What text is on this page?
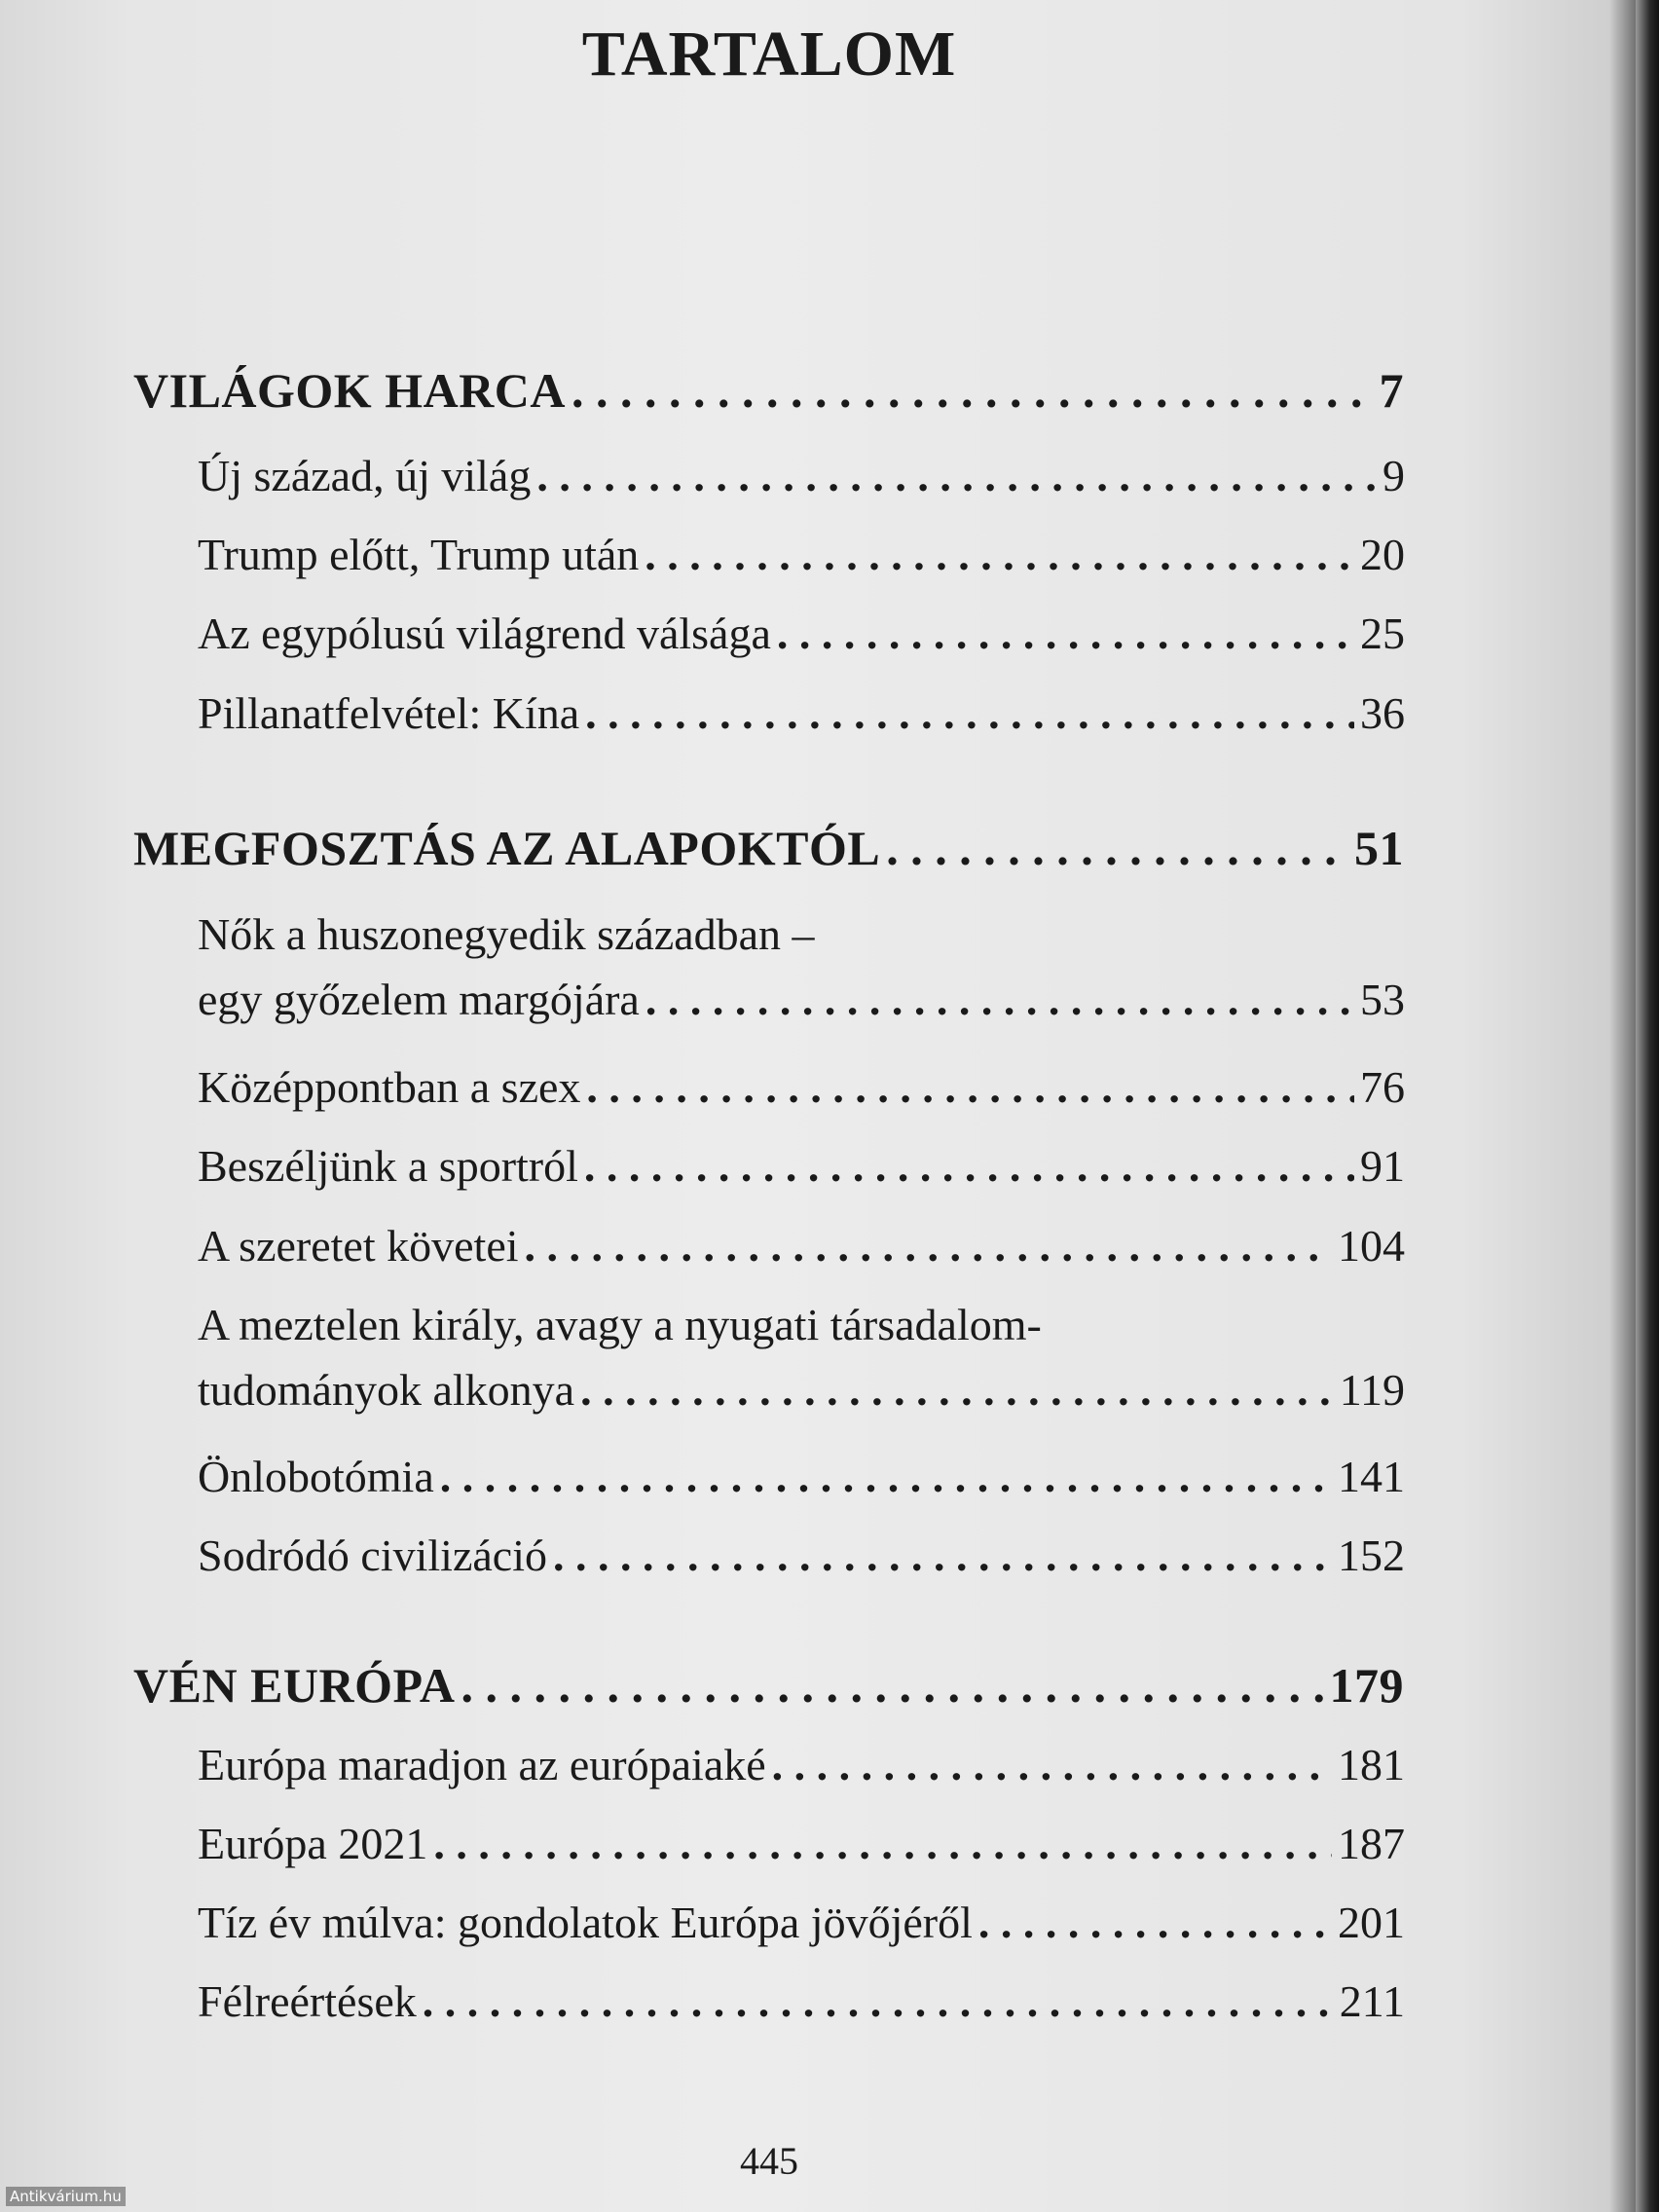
TARTALOM
VILÁGOK HARCA . . .	7
Új század, új világ . . .	9
Trump előtt, Trump után . . .	20
Az egypólusú világrend válsága . . .	25
Pillanatfelvétel: Kína . . .	36
MEGFOSZTÁS AZ ALAPOKTÓL . . .	51
Nők a huszonegyedik században –
egy győzelem margójára . . .	53
Középpontban a szex . . .	76
Beszéljünk a sportról . . .	91
A szeretet követei . . .	104
A meztelen király, avagy a nyugati társadalom-
tudományok alkonya . . .	119
Önlobotómia . . .	141
Sodródó civilizáció . . .	152
VÉN EURÓPA . . .	179
Európa maradjon az európaiaké . . .	181
Európa 2021 . . .	187
Tíz év múlva: gondolatok Európa jövőjéről . . .	201
Félreértések . . .	211
445
Antikvárium.hu
